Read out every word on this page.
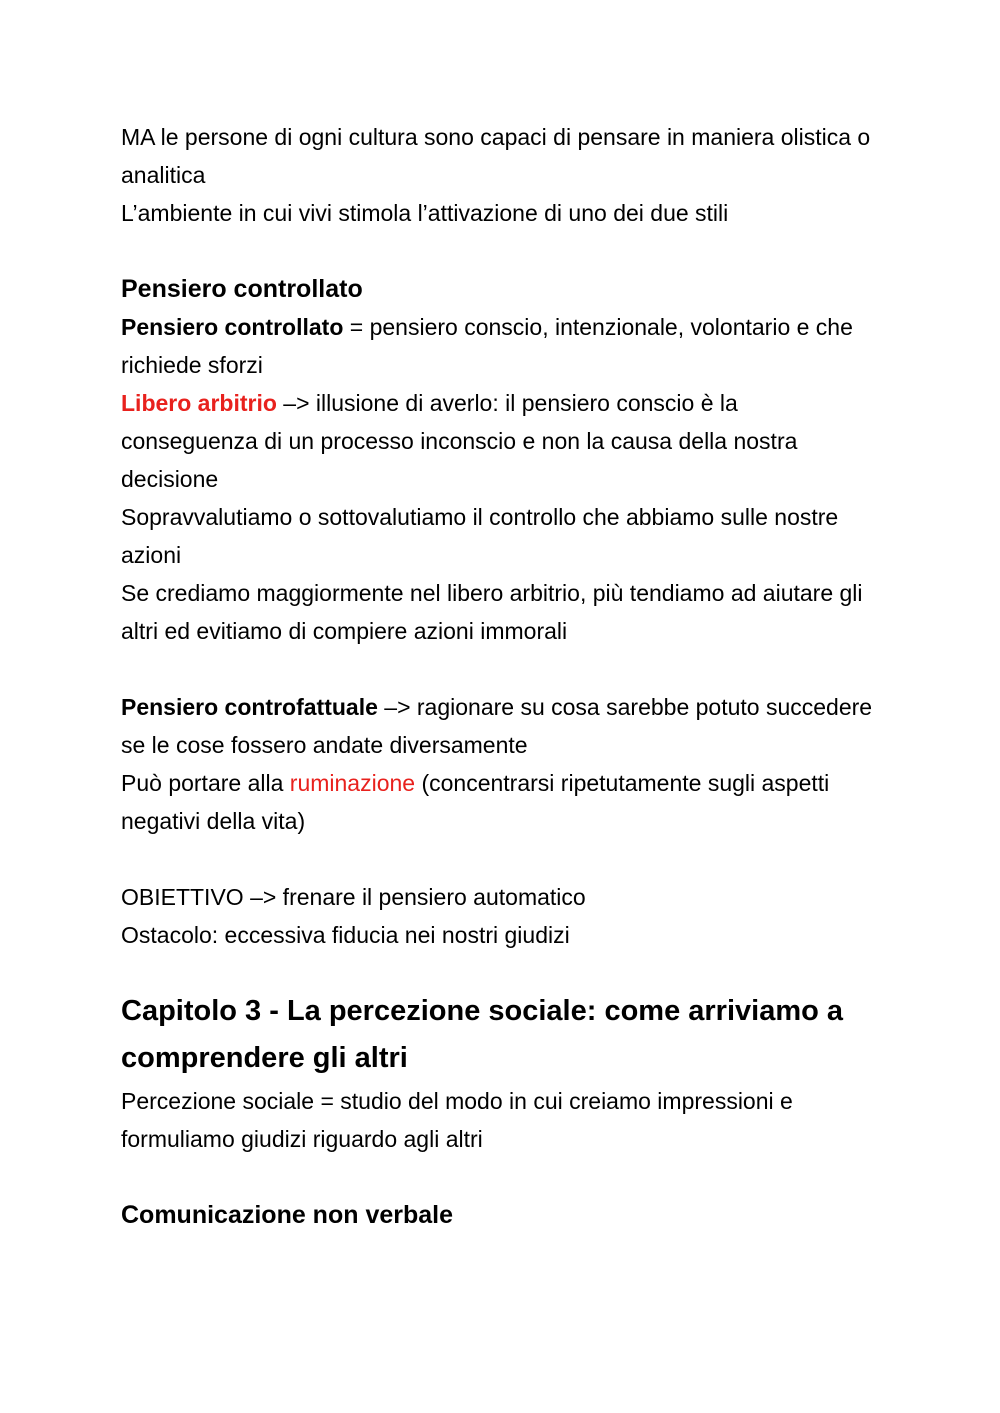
MA le persone di ogni cultura sono capaci di pensare in maniera olistica o analitica

L’ambiente in cui vivi stimola l’attivazione di uno dei due stili

Pensiero controllato

Pensiero controllato = pensiero conscio, intenzionale, volontario e che richiede sforzi

Libero arbitrio –> illusione di averlo: il pensiero conscio è la conseguenza di un processo inconscio e non la causa della nostra decisione

Sopravvalutiamo o sottovalutiamo il controllo che abbiamo sulle nostre azioni

Se crediamo maggiormente nel libero arbitrio, più tendiamo ad aiutare gli altri ed evitiamo di compiere azioni immorali

Pensiero controfattuale –> ragionare su cosa sarebbe potuto succedere se le cose fossero andate diversamente

Può portare alla ruminazione (concentrarsi ripetutamente sugli aspetti negativi della vita)

OBIETTIVO –> frenare il pensiero automatico

Ostacolo: eccessiva fiducia nei nostri giudizi

Capitolo 3 - La percezione sociale: come arriviamo a comprendere gli altri

Percezione sociale = studio del modo in cui creiamo impressioni e formuliamo giudizi riguardo agli altri

Comunicazione non verbale
